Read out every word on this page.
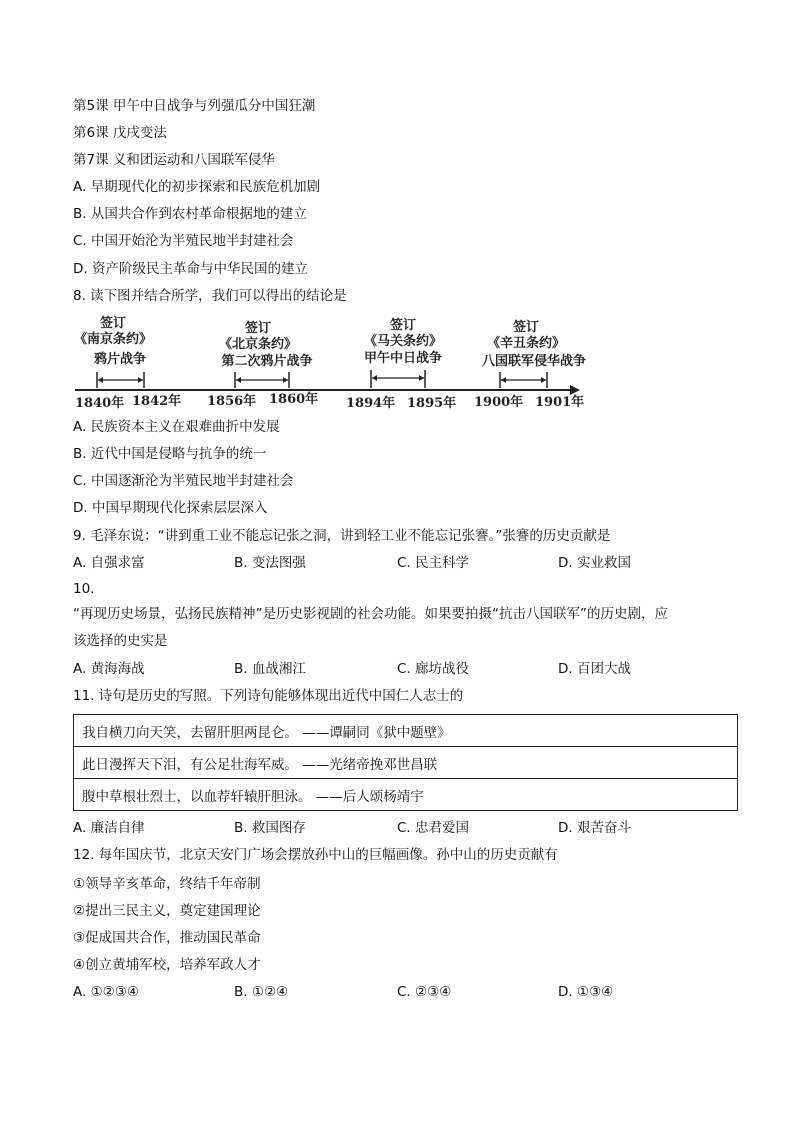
第5课 甲午中日战争与列强瓜分中国狂潮
第6课 戊戌变法
第7课 义和团运动和八国联军侵华
A. 早期现代化的初步探索和民族危机加剧
B. 从国共合作到农村革命根据地的建立
C. 中国开始沦为半殖民地半封建社会
D. 资产阶级民主革命与中华民国的建立
8. 读下图并结合所学，我们可以得出的结论是
签订
《南京条约》
鸦片战争
1840年 1842年
签订
《北京条约》
第二次鸦片战争
1856年 1860年
签订
《马关条约》
甲午中日战争
1894年 1895年
签订
《辛丑条约》
八国联军侵华战争
1900年 1901年
A. 民族资本主义在艰难曲折中发展
B. 近代中国是侵略与抗争的统一
C. 中国逐渐沦为半殖民地半封建社会
D. 中国早期现代化探索层层深入
9. 毛泽东说：“讲到重工业不能忘记张之洞，讲到轻工业不能忘记张謇。”张謇的历史贡献是
A. 自强求富	B. 变法图强	C. 民主科学	D. 实业救国
10.
“再现历史场景，弘扬民族精神”是历史影视剧的社会功能。如果要拍摄“抗击八国联军”的历史剧，应
该选择的史实是
A. 黄海海战	B. 血战湘江	C. 廊坊战役	D. 百团大战
11. 诗句是历史的写照。下列诗句能够体现出近代中国仁人志士的
我自横刀向天笑，去留肝胆两昆仑。 ——谭嗣同《狱中题壁》
此日漫挥天下泪，有公足壮海军威。 ——光绪帝挽邓世昌联
腹中草根壮烈士，以血荐轩辕肝胆泳。 ——后人颂杨靖宇
A. 廉洁自律	B. 救国图存	C. 忠君爱国	D. 艰苦奋斗
12. 每年国庆节，北京天安门广场会摆放孙中山的巨幅画像。孙中山的历史贡献有
①领导辛亥革命，终结千年帝制
②提出三民主义，奠定建国理论
③促成国共合作，推动国民革命
④创立黄埔军校，培养军政人才
A. ①②③④	B. ①②④	C. ②③④	D. ①③④
